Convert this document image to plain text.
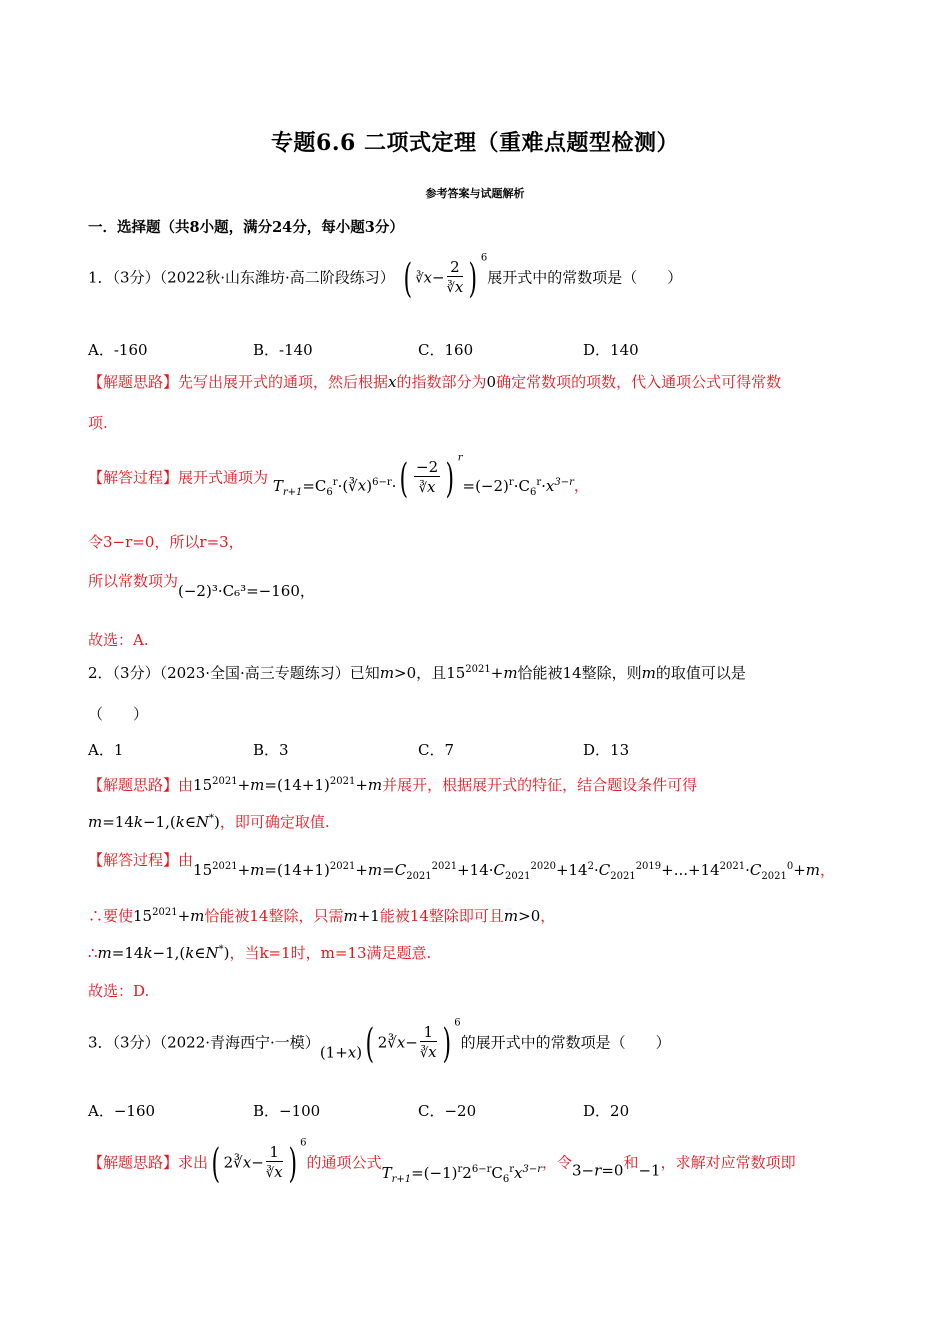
专题6.6 二项式定理（重难点题型检测）
参考答案与试题解析
一．选择题（共8小题，满分24分，每小题3分）
1．（3分）（2022秋·山东潍坊·高二阶段练习） ( ∛x− $\frac{2}{∛x}$ ) $^6$展开式中的常数项是（　　）
A．-160	B．-140	C．160	D．140
【解题思路】先写出展开式的通项，然后根据x的指数部分为0确定常数项的项数，代入通项公式可得常数
项.
【解答过程】展开式通项为 $T_{r+1}=C_6^r\cdot(∛x)^{6-r}\cdot( \frac{-2}{∛x}$ ) $^r=(-2)^r\cdot C_6^r\cdot x^{3-r}$，
令3−r=0，所以r=3，
所以常数项为(−2)³·C₆³=−160，
故选：A.
2．（3分）（2023·全国·高三专题练习）已知m>0，且$15^{2021}+m$恰能被14整除，则m的取值可以是
（　　）
A．1	B．3	C．7	D．13
【解题思路】由$15^{2021}+m=(14+1)^{2021}+m$并展开，根据展开式的特征，结合题设条件可得
m=14k−1,(k∈N*)，即可确定取值.
【解答过程】由$15^{2021}+m=(14+1)^{2021}+m=C_{2021}^{2021}+14\cdot C_{2021}^{2020}+14^2\cdot C_{2021}^{2019}+...+14^{2021}\cdot C_{2021}^0+m$，
∴要使$15^{2021}+m$恰能被14整除，只需m+1能被14整除即可且m>0，
∴m=14k−1,(k∈N*)，当k=1时，m=13满足题意.
故选：D.
3．（3分）（2022·青海西宁·一模）(1+x)( 2∛x− $\frac{1}{∛x}$ ) $^6$的展开式中的常数项是（　　）
A．−160	B．−100	C．−20	D．20
【解题思路】求出( 2∛x− $\frac{1}{∛x}$ ) $^6$的通项公式$T_{r+1}=(-1)^r2^{6-r}C_6^rx^{3-r}$，令3−r=0和−1，求解对应常数项即
